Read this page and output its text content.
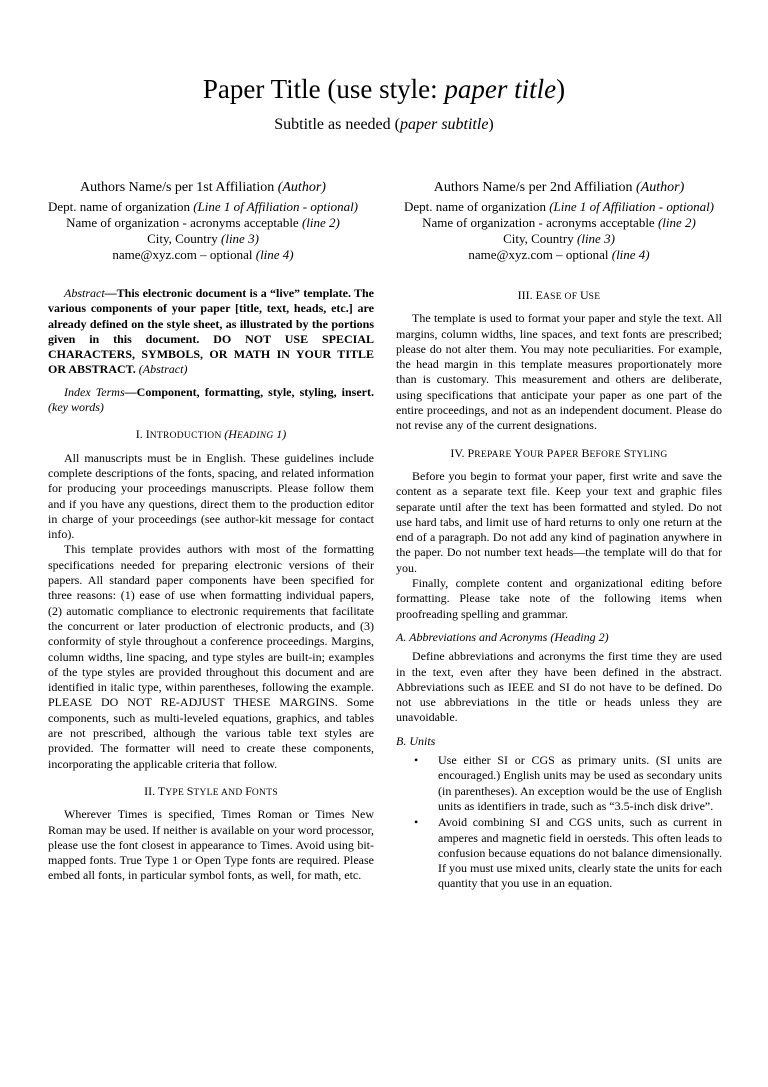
Paper Title (use style: paper title)
Subtitle as needed (paper subtitle)
Authors Name/s per 1st Affiliation (Author)
Dept. name of organization (Line 1 of Affiliation - optional)
Name of organization - acronyms acceptable (line 2)
City, Country (line 3)
name@xyz.com – optional (line 4)
Authors Name/s per 2nd Affiliation (Author)
Dept. name of organization (Line 1 of Affiliation - optional)
Name of organization - acronyms acceptable (line 2)
City, Country (line 3)
name@xyz.com – optional (line 4)

Abstract—This electronic document is a “live” template. The various components of your paper [title, text, heads, etc.] are already defined on the style sheet, as illustrated by the portions given in this document. DO NOT USE SPECIAL CHARACTERS, SYMBOLS, OR MATH IN YOUR TITLE OR ABSTRACT. (Abstract)

Index Terms—Component, formatting, style, styling, insert. (key words)

I. INTRODUCTION (HEADING 1)

All manuscripts must be in English. These guidelines include complete descriptions of the fonts, spacing, and related information for producing your proceedings manuscripts. Please follow them and if you have any questions, direct them to the production editor in charge of your proceedings (see author-kit message for contact info).

This template provides authors with most of the formatting specifications needed for preparing electronic versions of their papers. All standard paper components have been specified for three reasons: (1) ease of use when formatting individual papers, (2) automatic compliance to electronic requirements that facilitate the concurrent or later production of electronic products, and (3) conformity of style throughout a conference proceedings. Margins, column widths, line spacing, and type styles are built-in; examples of the type styles are provided throughout this document and are identified in italic type, within parentheses, following the example. PLEASE DO NOT RE-ADJUST THESE MARGINS. Some components, such as multi-leveled equations, graphics, and tables are not prescribed, although the various table text styles are provided. The formatter will need to create these components, incorporating the applicable criteria that follow.

II. TYPE STYLE AND FONTS

Wherever Times is specified, Times Roman or Times New Roman may be used. If neither is available on your word processor, please use the font closest in appearance to Times. Avoid using bit-mapped fonts. True Type 1 or Open Type fonts are required. Please embed all fonts, in particular symbol fonts, as well, for math, etc.

III. EASE OF USE

The template is used to format your paper and style the text. All margins, column widths, line spaces, and text fonts are prescribed; please do not alter them. You may note peculiarities. For example, the head margin in this template measures proportionately more than is customary. This measurement and others are deliberate, using specifications that anticipate your paper as one part of the entire proceedings, and not as an independent document. Please do not revise any of the current designations.

IV. PREPARE YOUR PAPER BEFORE STYLING

Before you begin to format your paper, first write and save the content as a separate text file. Keep your text and graphic files separate until after the text has been formatted and styled. Do not use hard tabs, and limit use of hard returns to only one return at the end of a paragraph. Do not add any kind of pagination anywhere in the paper. Do not number text heads—the template will do that for you.

Finally, complete content and organizational editing before formatting. Please take note of the following items when proofreading spelling and grammar.

A. Abbreviations and Acronyms (Heading 2)

Define abbreviations and acronyms the first time they are used in the text, even after they have been defined in the abstract. Abbreviations such as IEEE and SI do not have to be defined. Do not use abbreviations in the title or heads unless they are unavoidable.

B. Units
• Use either SI or CGS as primary units. (SI units are encouraged.) English units may be used as secondary units (in parentheses). An exception would be the use of English units as identifiers in trade, such as “3.5-inch disk drive”.
• Avoid combining SI and CGS units, such as current in amperes and magnetic field in oersteds. This often leads to confusion because equations do not balance dimensionally. If you must use mixed units, clearly state the units for each quantity that you use in an equation.
